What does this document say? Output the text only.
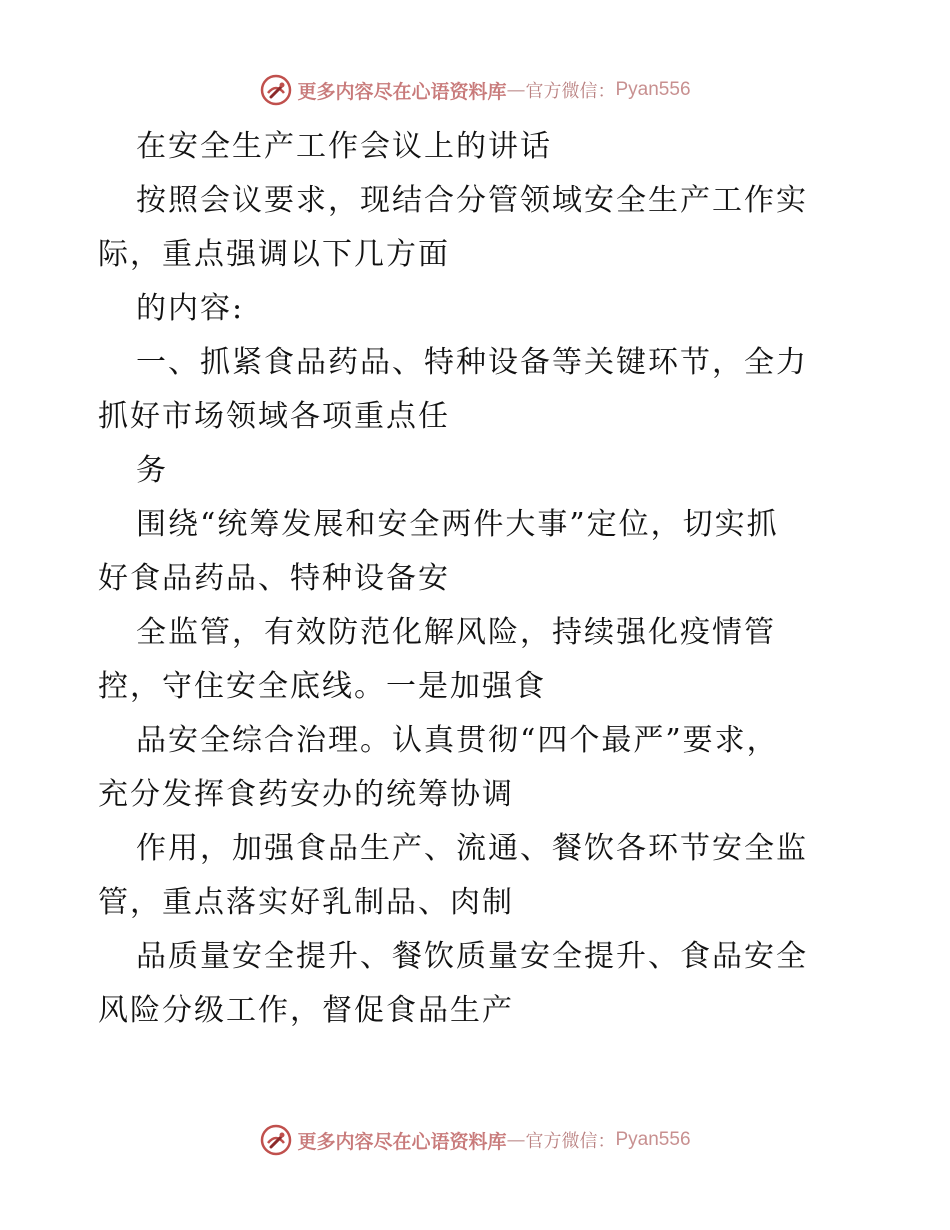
更多内容尽在心语资料库 — 官方微信： Pyan556
在安全生产工作会议上的讲话
按照会议要求，现结合分管领域安全生产工作实
际，重点强调以下几方面
的内容:
一、抓紧食品药品、特种设备等关键环节，全力
抓好市场领域各项重点任
务
围绕“统筹发展和安全两件大事”定位，切实抓
好食品药品、特种设备安
全监管，有效防范化解风险，持续强化疫情管
控，守住安全底线。一是加强食
品安全综合治理。认真贯彻“四个最严”要求，
充分发挥食药安办的统筹协调
作用，加强食品生产、流通、餐饮各环节安全监
管，重点落实好乳制品、肉制
品质量安全提升、餐饮质量安全提升、食品安全
风险分级工作，督促食品生产
更多内容尽在心语资料库 — 官方微信： Pyan556
